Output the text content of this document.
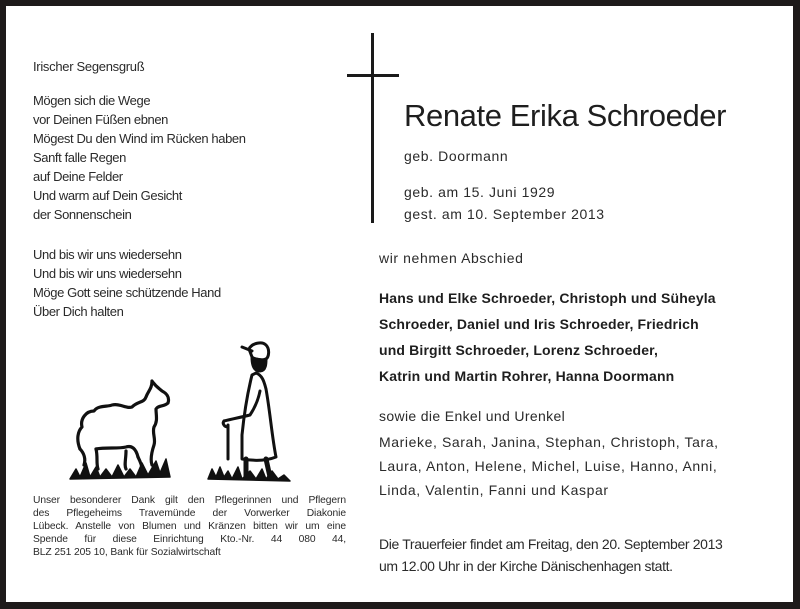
Irischer Segensgruß
Mögen sich die Wege
vor Deinen Füßen ebnen
Mögest Du den Wind im Rücken haben
Sanft falle Regen
auf Deine Felder
Und warm auf Dein Gesicht
der Sonnenschein
Und bis wir uns wiedersehn
Und bis wir uns wiedersehn
Möge Gott seine schützende Hand
Über Dich halten
Unser besonderer Dank gilt den Pflegerinnen und Pflegern
des Pflegeheims Travemünde der Vorwerker Diakonie
Lübeck. Anstelle von Blumen und Kränzen bitten wir um eine
Spende für diese Einrichtung Kto.-Nr. 44 080 44,
BLZ 251 205 10, Bank für Sozialwirtschaft
Renate Erika Schroeder
geb. Doormann
geb. am 15. Juni 1929
gest. am 10. September 2013
wir nehmen Abschied
Hans und Elke Schroeder, Christoph und Süheyla
Schroeder, Daniel und Iris Schroeder, Friedrich
und Birgitt Schroeder, Lorenz Schroeder,
Katrin und Martin Rohrer, Hanna Doormann
sowie die Enkel und Urenkel
Marieke, Sarah, Janina, Stephan, Christoph, Tara,
Laura, Anton, Helene, Michel, Luise, Hanno, Anni,
Linda, Valentin, Fanni und Kaspar
Die Trauerfeier findet am Freitag, den 20. September 2013
um 12.00 Uhr in der Kirche Dänischenhagen statt.
